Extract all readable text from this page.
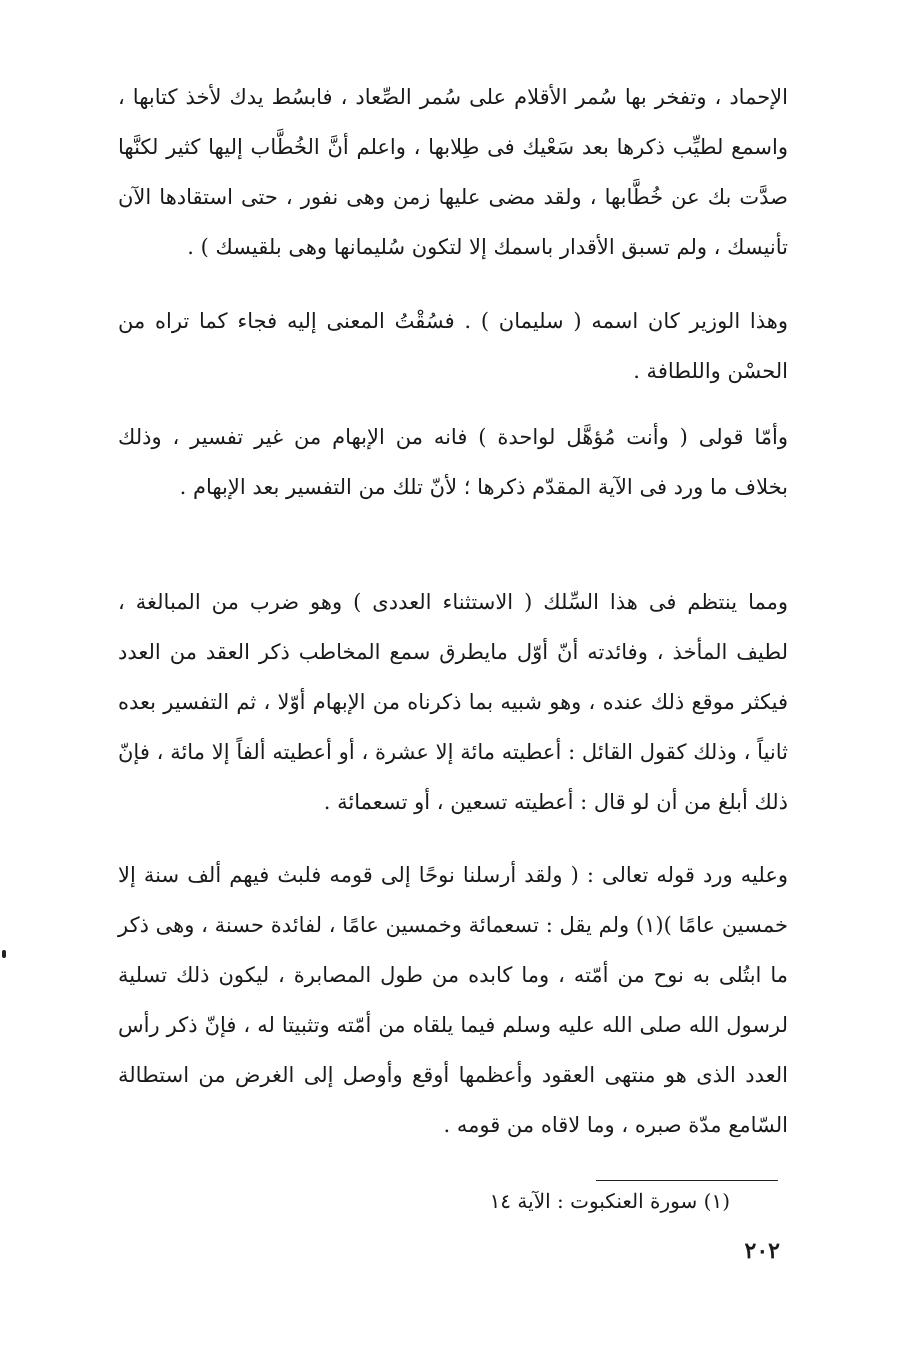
الإحماد ، وتفخر بها سُمر الأقلام على سُمر الصِّعاد ، فابسُط يدك لأخذ كتابها ، واسمع لطيِّب ذكرها بعد سَعْيك فى طِلابها ، واعلم أنَّ الخُطَّاب إليها كثير لكنَّها صدَّت بك عن خُطَّابها ، ولقد مضى عليها زمن وهى نفور ، حتى استقادها الآن تأنيسك ، ولم تسبق الأقدار باسمك إلا لتكون سُليمانها وهى بلقيسك ) .

وهذا الوزير كان اسمه ( سليمان ) . فسُقْتُ المعنى إليه فجاء كما تراه من الحسْن واللطافة .

وأمّا قولى ( وأنت مُؤهَّل لواحدة ) فانه من الإبهام من غير تفسير ، وذلك بخلاف ما ورد فى الآية المقدّم ذكرها ؛ لأنّ تلك من التفسير بعد الإبهام .

ومما ينتظم فى هذا السِّلك ( الاستثناء العددى ) وهو ضرب من المبالغة ، لطيف المأخذ ، وفائدته أنّ أوّل مايطرق سمع المخاطب ذكر العقد من العدد فيكثر موقع ذلك عنده ، وهو شبيه بما ذكرناه من الإبهام أوّلا ، ثم التفسير بعده ثانياً ، وذلك كقول القائل : أعطيته مائة إلا عشرة ، أو أعطيته ألفاً إلا مائة ، فإنّ ذلك أبلغ من أن لو قال : أعطيته تسعين ، أو تسعمائة .

وعليه ورد قوله تعالى : ( ولقد أرسلنا نوحًا إلى قومه فلبث فيهم ألف سنة إلا خمسين عامًا )(١) ولم يقل : تسعمائة وخمسين عامًا ، لفائدة حسنة ، وهى ذكر ما ابتُلى به نوح من أمّته ، وما كابده من طول المصابرة ، ليكون ذلك تسلية لرسول الله صلى الله عليه وسلم فيما يلقاه من أمّته وتثبيتا له ، فإنّ ذكر رأس العدد الذى هو منتهى العقود وأعظمها أوقع وأوصل إلى الغرض من استطالة السّامع مدّة صبره ، وما لاقاه من قومه .

(١) سورة العنكبوت : الآية ١٤

٢٠٢
